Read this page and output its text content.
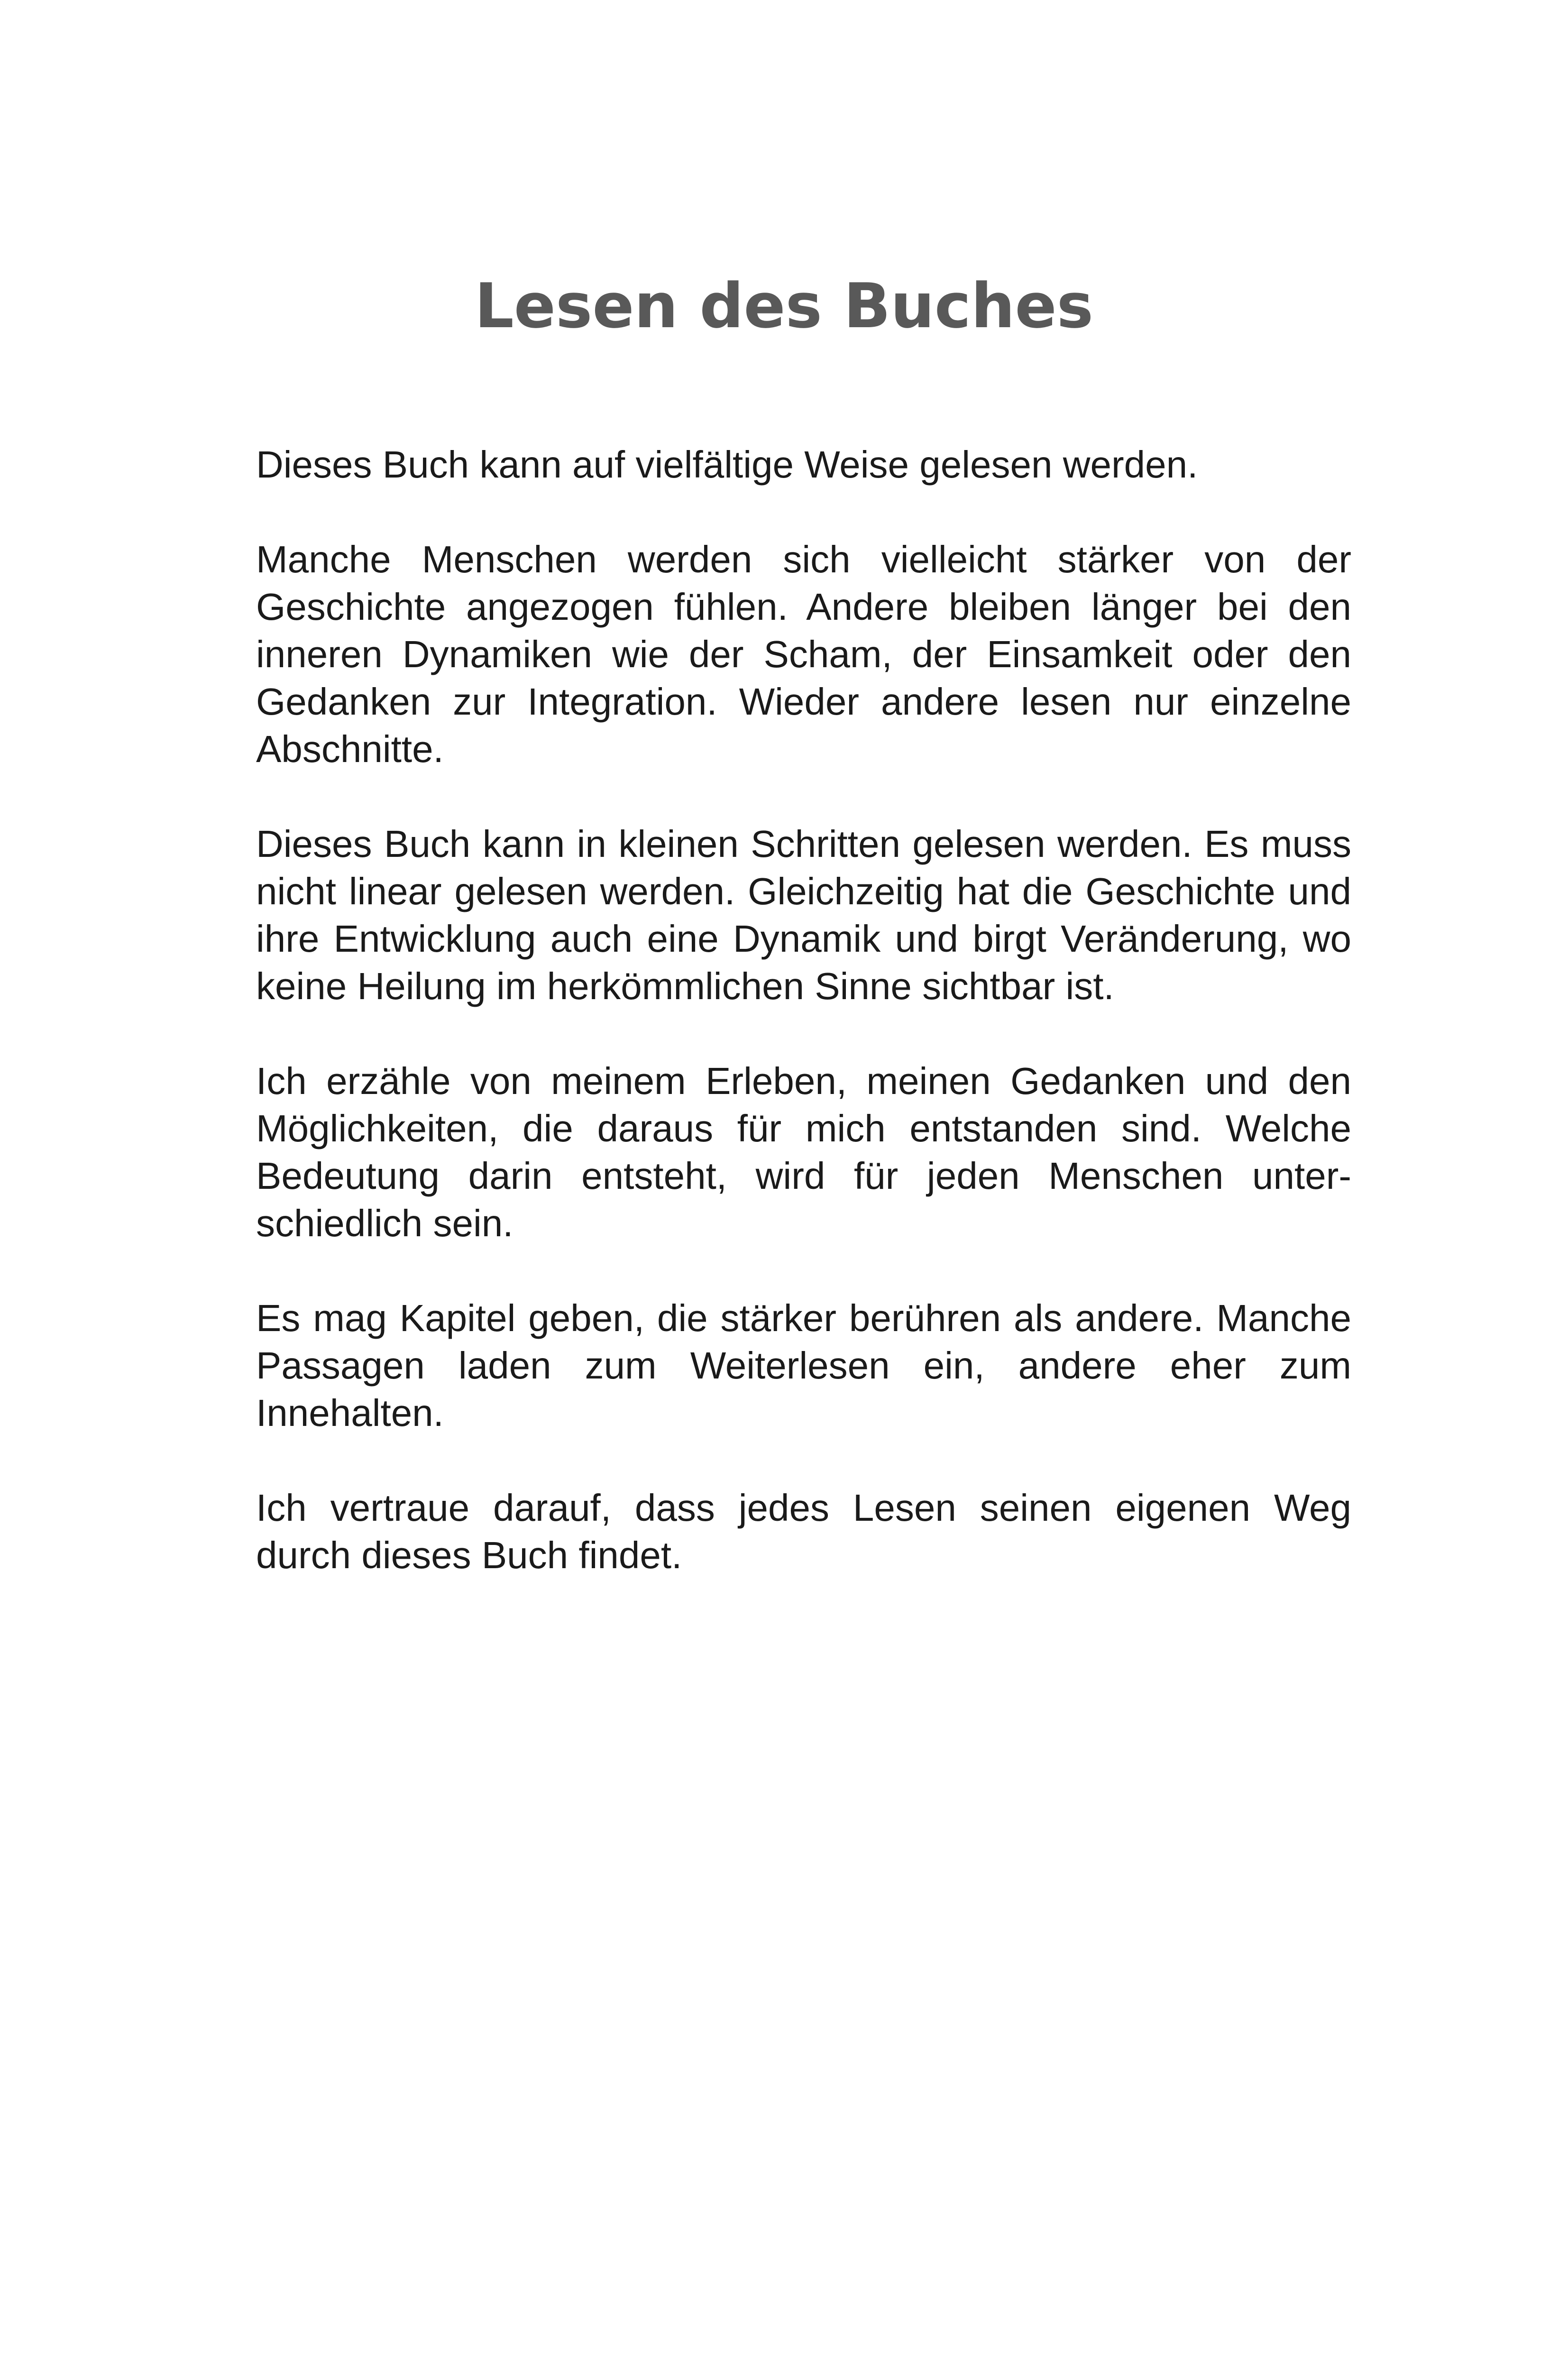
Lesen des Buches

Dieses Buch kann auf vielfältige Weise gelesen werden.

Manche Menschen werden sich vielleicht stärker von der Geschichte angezogen fühlen. Andere bleiben länger bei den inneren Dynamiken wie der Scham, der Einsamkeit oder den Gedanken zur Integration. Wieder andere lesen nur einzelne Abschnitte.

Dieses Buch kann in kleinen Schritten gelesen werden. Es muss nicht linear gelesen werden. Gleichzeitig hat die Geschichte und ihre Entwicklung auch eine Dynamik und birgt Veränderung, wo keine Heilung im herkömmlichen Sinne sichtbar ist.

Ich erzähle von meinem Erleben, meinen Gedanken und den Möglichkeiten, die daraus für mich entstanden sind. Welche Bedeutung darin entsteht, wird für jeden Menschen unterschiedlich sein.

Es mag Kapitel geben, die stärker berühren als andere. Manche Passagen laden zum Weiterlesen ein, andere eher zum Innehalten.

Ich vertraue darauf, dass jedes Lesen seinen eigenen Weg durch dieses Buch findet.
